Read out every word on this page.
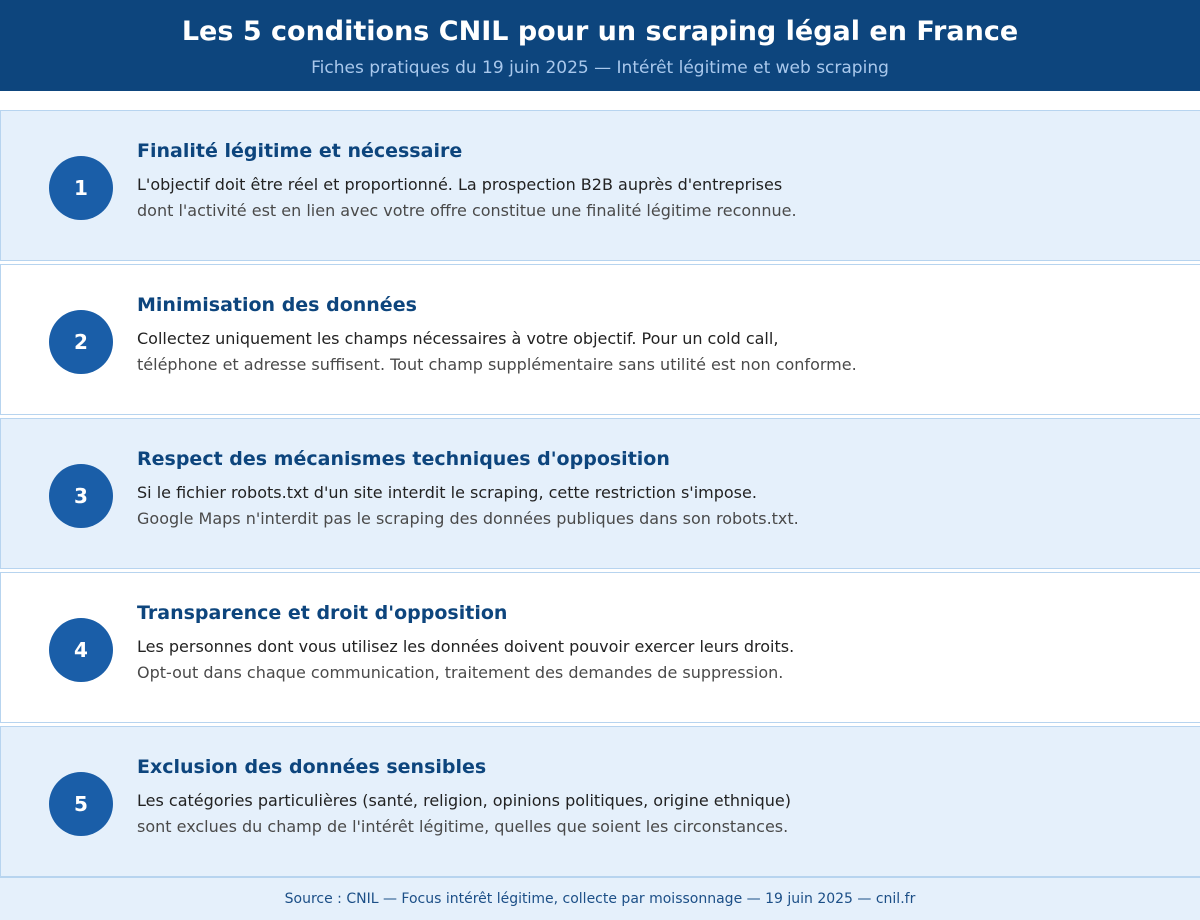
Les 5 conditions CNIL pour un scraping légal en France
Fiches pratiques du 19 juin 2025 — Intérêt légitime et web scraping
1
Finalité légitime et nécessaire
L'objectif doit être réel et proportionné. La prospection B2B auprès d'entreprises
dont l'activité est en lien avec votre offre constitue une finalité légitime reconnue.
2
Minimisation des données
Collectez uniquement les champs nécessaires à votre objectif. Pour un cold call,
téléphone et adresse suffisent. Tout champ supplémentaire sans utilité est non conforme.
3
Respect des mécanismes techniques d'opposition
Si le fichier robots.txt d'un site interdit le scraping, cette restriction s'impose.
Google Maps n'interdit pas le scraping des données publiques dans son robots.txt.
4
Transparence et droit d'opposition
Les personnes dont vous utilisez les données doivent pouvoir exercer leurs droits.
Opt-out dans chaque communication, traitement des demandes de suppression.
5
Exclusion des données sensibles
Les catégories particulières (santé, religion, opinions politiques, origine ethnique)
sont exclues du champ de l'intérêt légitime, quelles que soient les circonstances.
Source : CNIL — Focus intérêt légitime, collecte par moissonnage — 19 juin 2025 — cnil.fr
